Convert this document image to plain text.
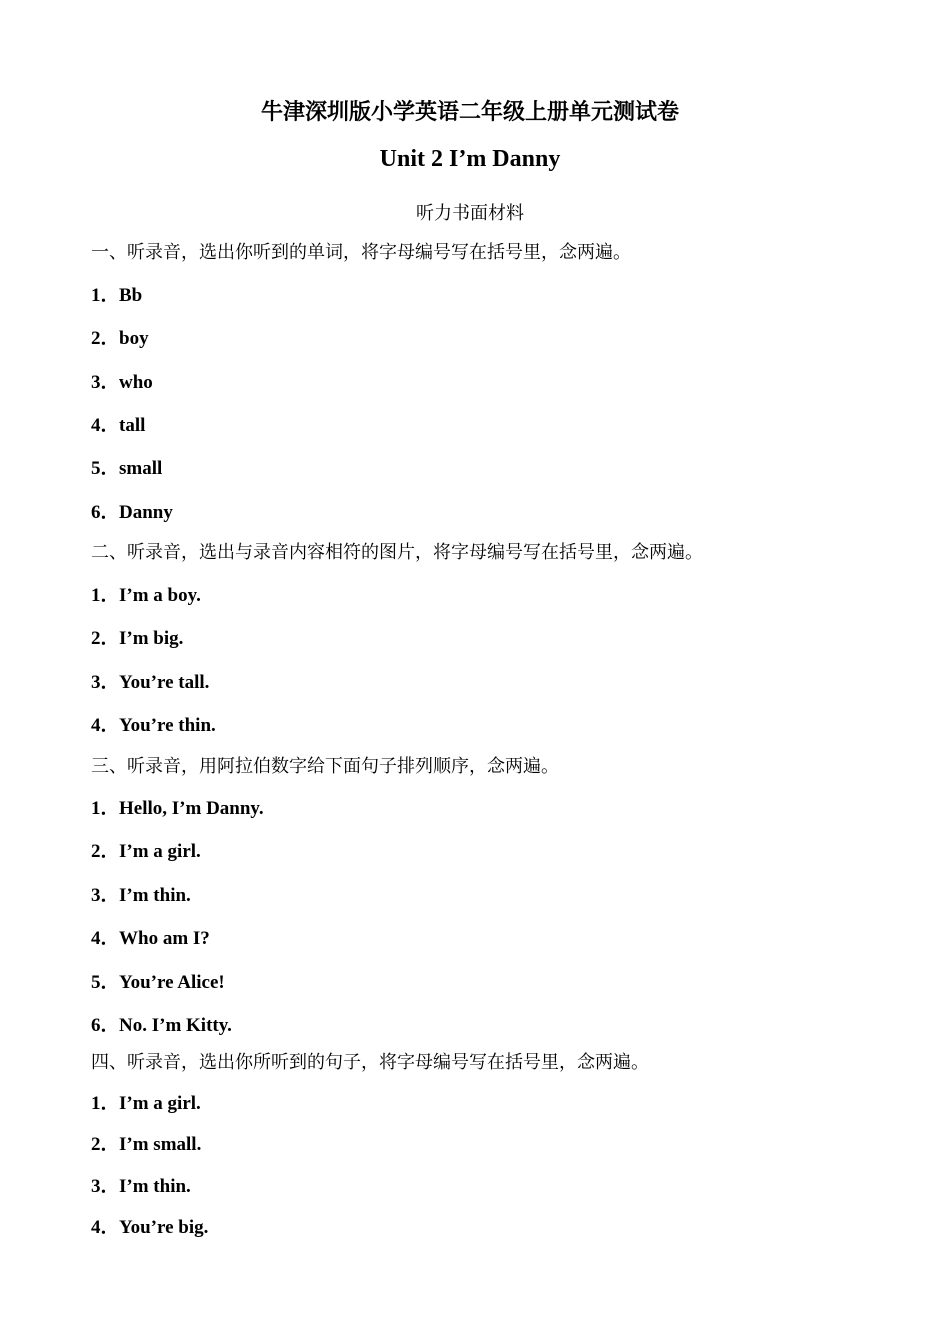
牛津深圳版小学英语二年级上册单元测试卷
Unit 2 I’m Danny
听力书面材料
一、听录音，选出你听到的单词，将字母编号写在括号里，念两遍。
1．Bb
2．boy
3．who
4．tall
5．small
6．Danny
二、听录音，选出与录音内容相符的图片，将字母编号写在括号里，念两遍。
1．I’m a boy.
2．I’m big.
3．You’re tall.
4．You’re thin.
三、听录音，用阿拉伯数字给下面句子排列顺序，念两遍。
1．Hello, I’m Danny.
2．I’m a girl.
3．I’m thin.
4．Who am I?
5．You’re Alice!
6．No. I’m Kitty.
四、听录音，选出你所听到的句子，将字母编号写在括号里，念两遍。
1．I’m a girl.
2．I’m small.
3．I’m thin.
4．You’re big.
